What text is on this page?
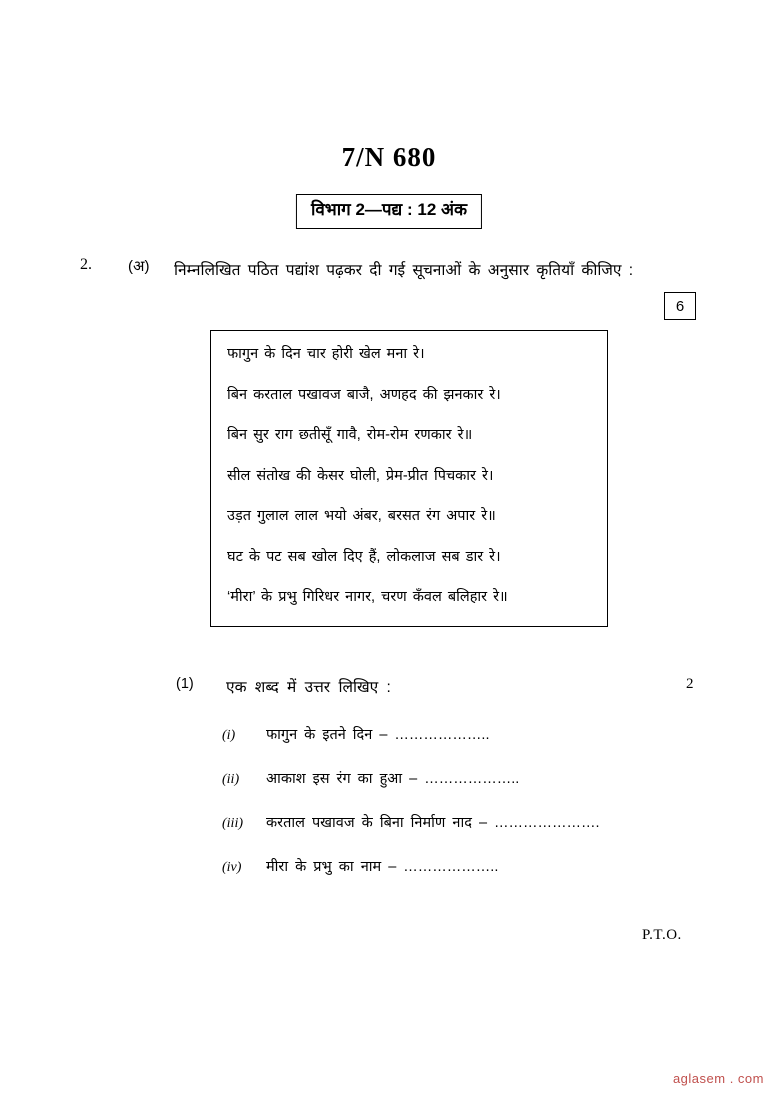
7/N 680
विभाग 2—पद्य : 12 अंक
2. (अ) निम्नलिखित पठित पद्यांश पढ़कर दी गई सूचनाओं के अनुसार कृतियाँ कीजिए :
6

फागुन के दिन चार होरी खेल मना रे।

बिन करताल पखावज बाजै, अणहद की झनकार रे।

बिन सुर राग छतीसूँ गावै, रोम-रोम रणकार रे॥

सील संतोख की केसर घोली, प्रेम-प्रीत पिचकार रे।

उड़त गुलाल लाल भयो अंबर, बरसत रंग अपार रे॥

घट के पट सब खोल दिए हैं, लोकलाज सब डार रे।

‘मीरा’ के प्रभु गिरिधर नागर, चरण कँवल बलिहार रे॥

(1) एक शब्द में उत्तर लिखिए :	2
(i)	फागुन के इतने दिन – ………………..
(ii)	आकाश इस रंग का हुआ – ………………..
(iii)	करताल पखावज के बिना निर्माण नाद – ………………….
(iv)	मीरा के प्रभु का नाम – ………………..
P.T.O.
aglasem . com
